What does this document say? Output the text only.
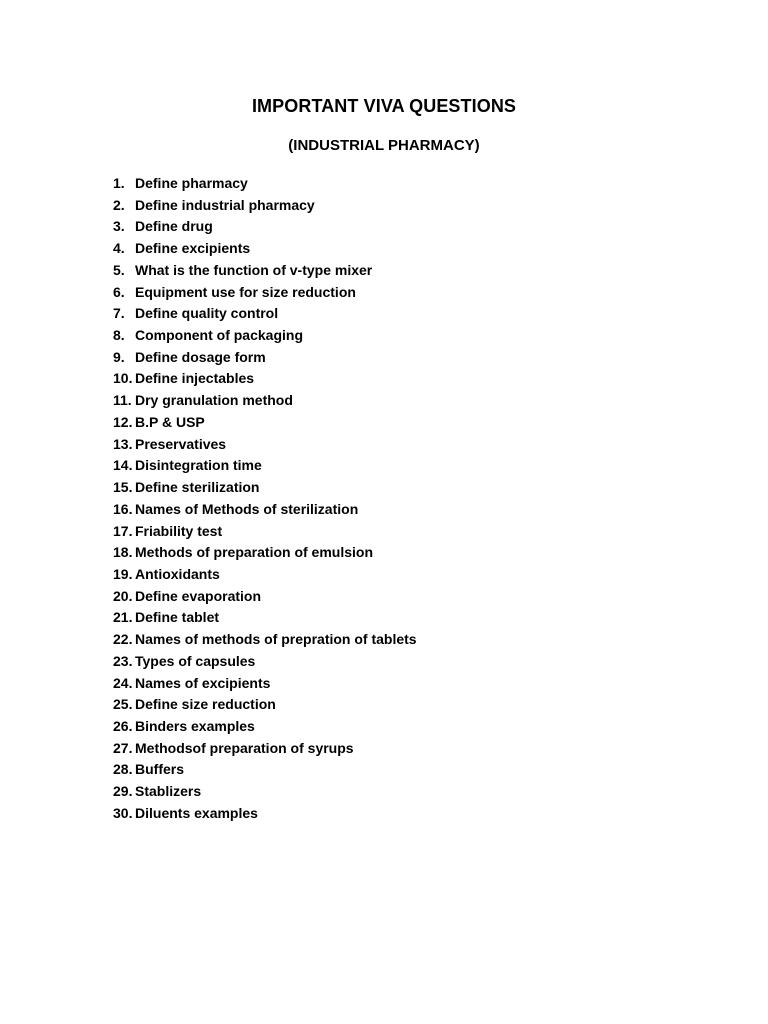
IMPORTANT VIVA QUESTIONS
(INDUSTRIAL PHARMACY)
1. Define pharmacy
2. Define industrial pharmacy
3. Define drug
4. Define excipients
5. What is the function of v-type mixer
6. Equipment use for size reduction
7. Define quality control
8. Component of packaging
9. Define dosage form
10. Define injectables
11. Dry granulation method
12. B.P & USP
13. Preservatives
14. Disintegration time
15. Define sterilization
16. Names of Methods of sterilization
17. Friability test
18. Methods of preparation of emulsion
19. Antioxidants
20. Define evaporation
21. Define tablet
22. Names of methods of prepration of tablets
23. Types of capsules
24. Names of excipients
25. Define size reduction
26. Binders examples
27. Methodsof preparation of syrups
28. Buffers
29. Stablizers
30. Diluents examples
